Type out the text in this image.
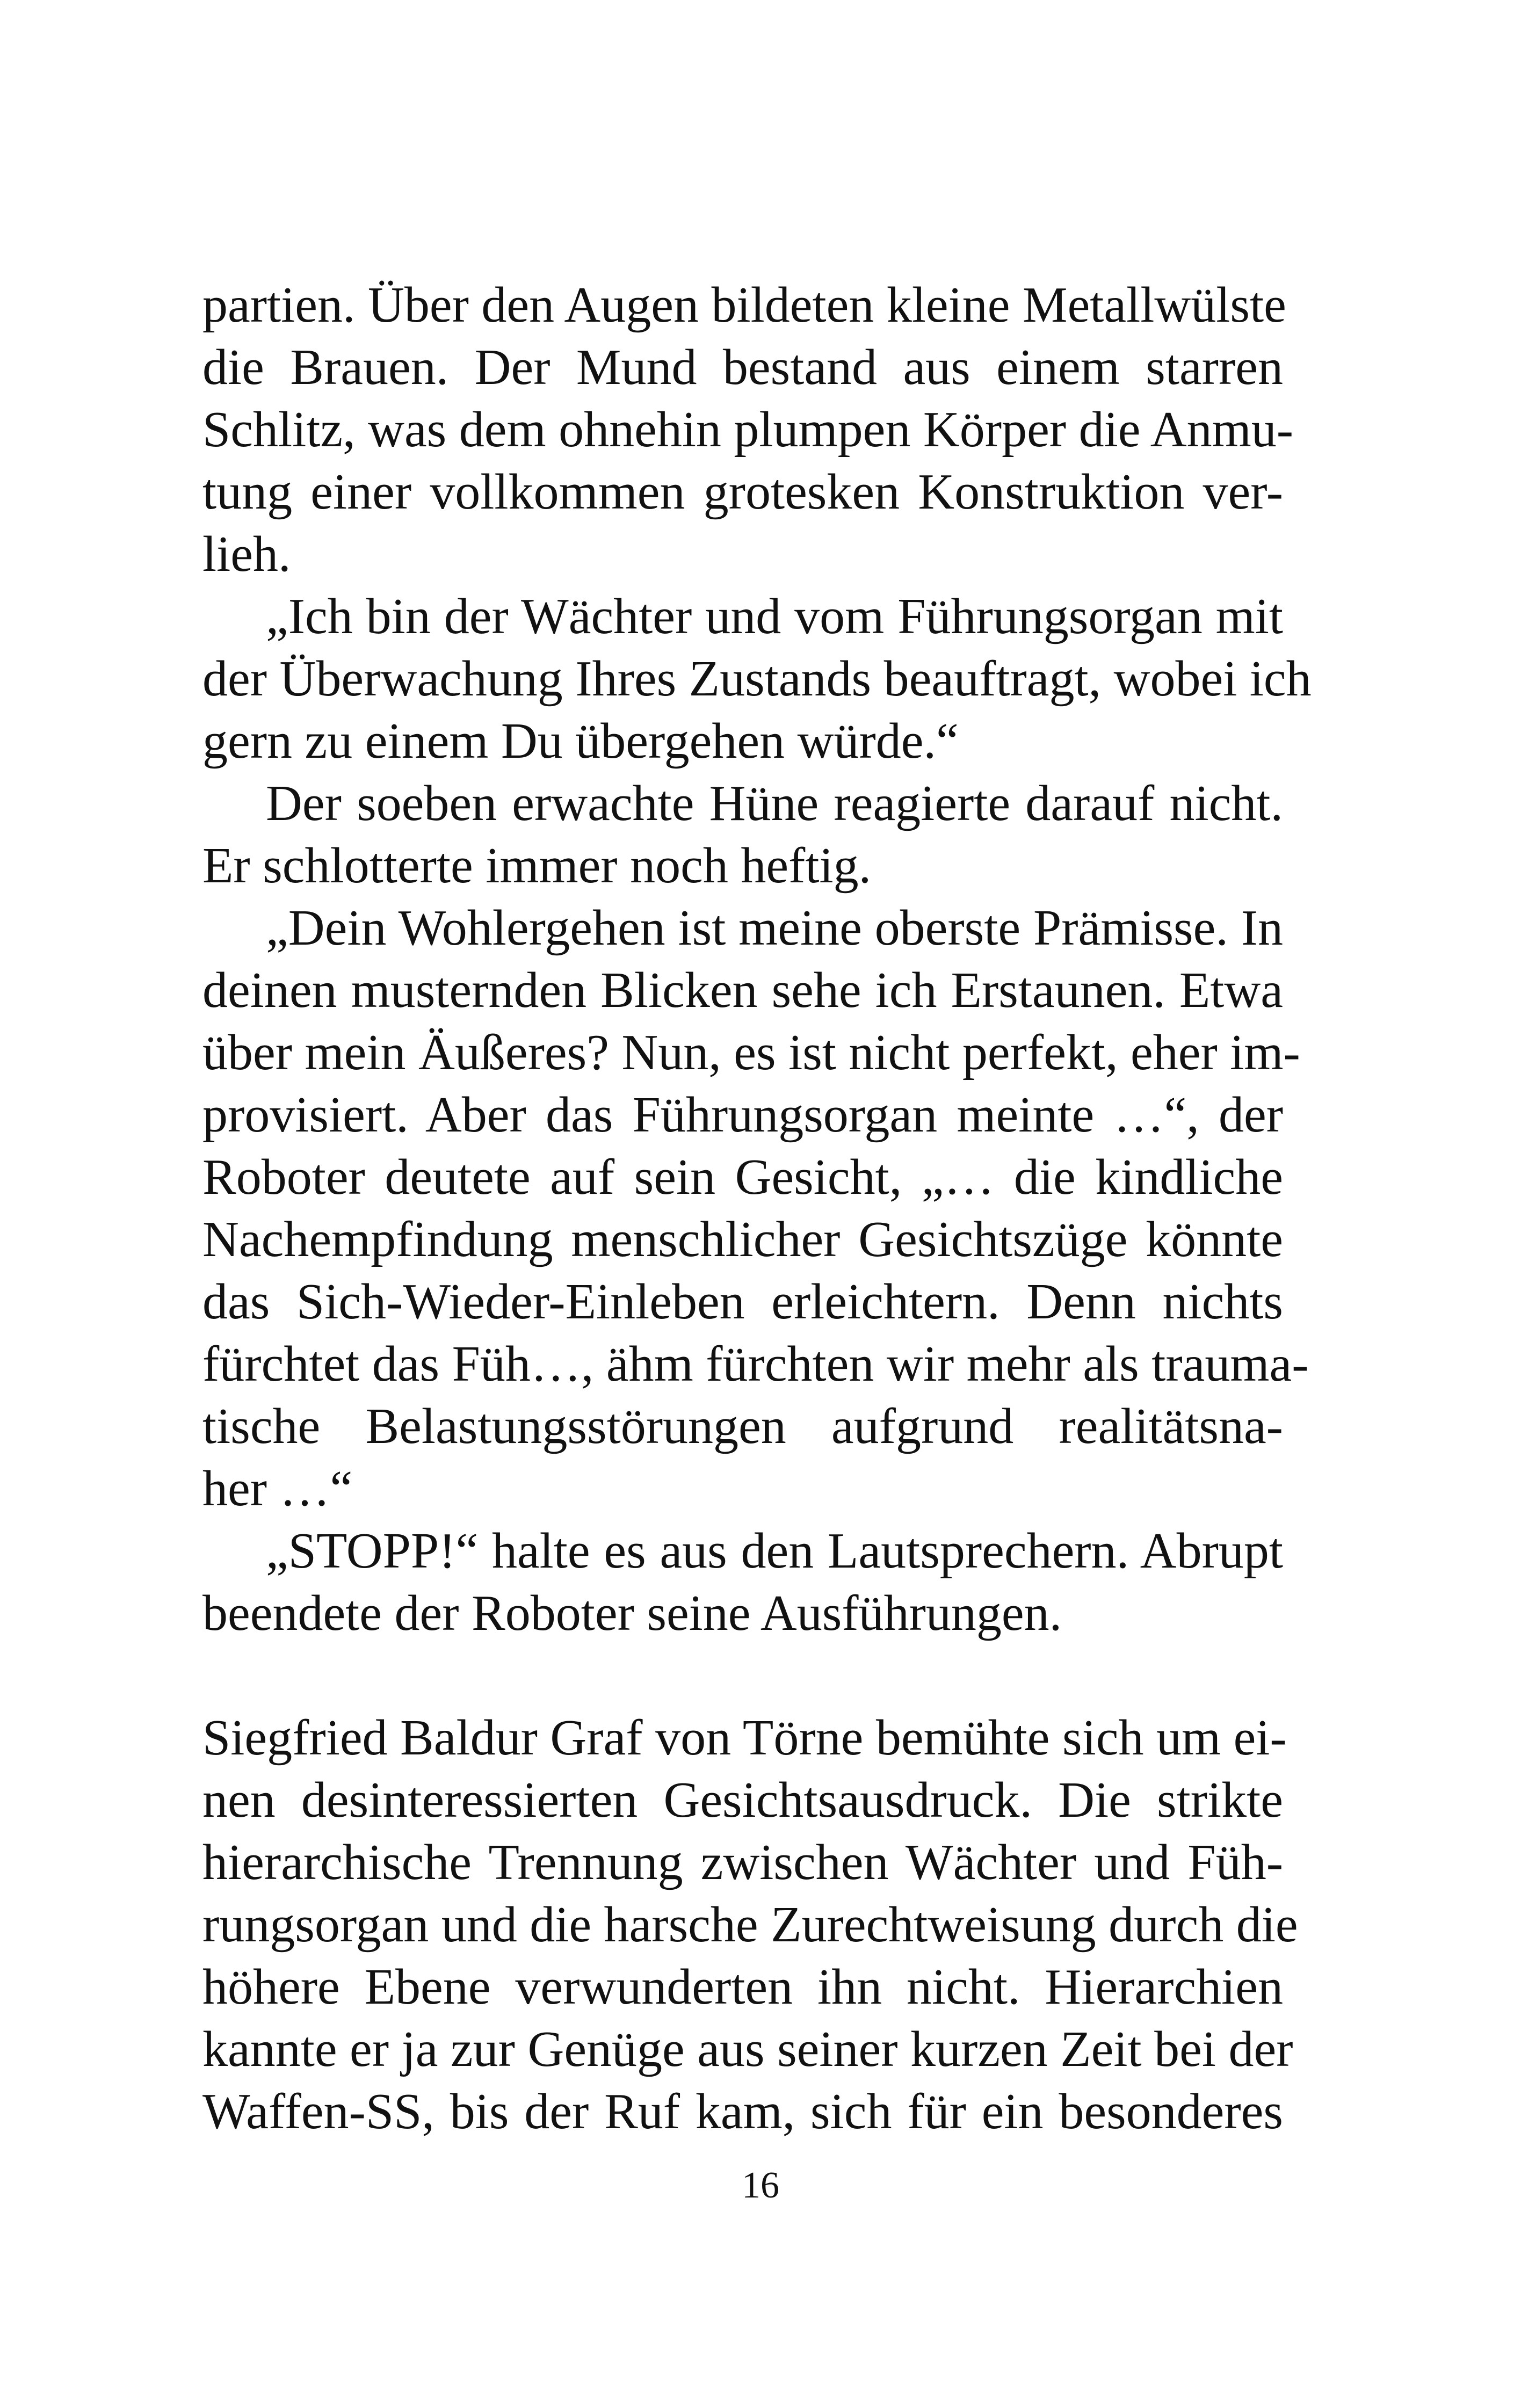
partien. Über den Augen bildeten kleine Metallwülste
die Brauen. Der Mund bestand aus einem starren
Schlitz, was dem ohnehin plumpen Körper die Anmu-
tung einer vollkommen grotesken Konstruktion ver-
lieh.
„Ich bin der Wächter und vom Führungsorgan mit
der Überwachung Ihres Zustands beauftragt, wobei ich
gern zu einem Du übergehen würde.“
Der soeben erwachte Hüne reagierte darauf nicht.
Er schlotterte immer noch heftig.
„Dein Wohlergehen ist meine oberste Prämisse. In
deinen musternden Blicken sehe ich Erstaunen. Etwa
über mein Äußeres? Nun, es ist nicht perfekt, eher im-
provisiert. Aber das Führungsorgan meinte …“, der
Roboter deutete auf sein Gesicht, „… die kindliche
Nachempfindung menschlicher Gesichtszüge könnte
das Sich-Wieder-Einleben erleichtern. Denn nichts
fürchtet das Füh…, ähm fürchten wir mehr als trauma-
tische Belastungsstörungen aufgrund realitätsna-
her …“
„STOPP!“ halte es aus den Lautsprechern. Abrupt
beendete der Roboter seine Ausführungen.
Siegfried Baldur Graf von Törne bemühte sich um ei-
nen desinteressierten Gesichtsausdruck. Die strikte
hierarchische Trennung zwischen Wächter und Füh-
rungsorgan und die harsche Zurechtweisung durch die
höhere Ebene verwunderten ihn nicht. Hierarchien
kannte er ja zur Genüge aus seiner kurzen Zeit bei der
Waffen-SS, bis der Ruf kam, sich für ein besonderes
16
